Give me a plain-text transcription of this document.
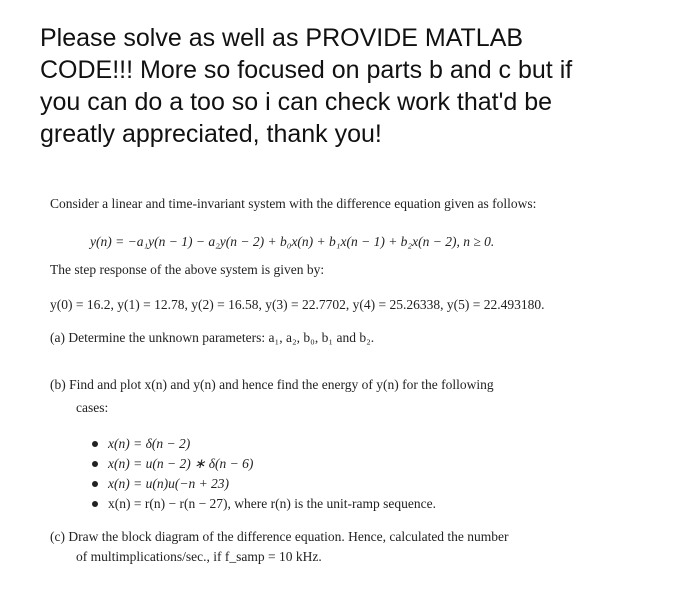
Please solve as well as PROVIDE MATLAB
CODE!!! More so focused on parts b and c but if
you can do a too so i can check work that'd be
greatly appreciated, thank you!
Consider a linear and time-invariant system with the difference equation given as follows:
y(n) = −a₁y(n − 1) − a₂y(n − 2) + b₀x(n) + b₁x(n − 1) + b₂x(n − 2), n ≥ 0.
The step response of the above system is given by:
y(0) = 16.2, y(1) = 12.78, y(2) = 16.58, y(3) = 22.7702, y(4) = 25.26338, y(5) = 22.493180.
(a) Determine the unknown parameters: a₁, a₂, b₀, b₁ and b₂.
(b) Find and plot x(n) and y(n) and hence find the energy of y(n) for the following
cases:
x(n) = δ(n − 2)
x(n) = u(n − 2) ∗ δ(n − 6)
x(n) = u(n)u(−n + 23)
x(n) = r(n) − r(n − 27), where r(n) is the unit-ramp sequence.
(c) Draw the block diagram of the difference equation. Hence, calculated the number
of multimplications/sec., if f_samp = 10 kHz.
